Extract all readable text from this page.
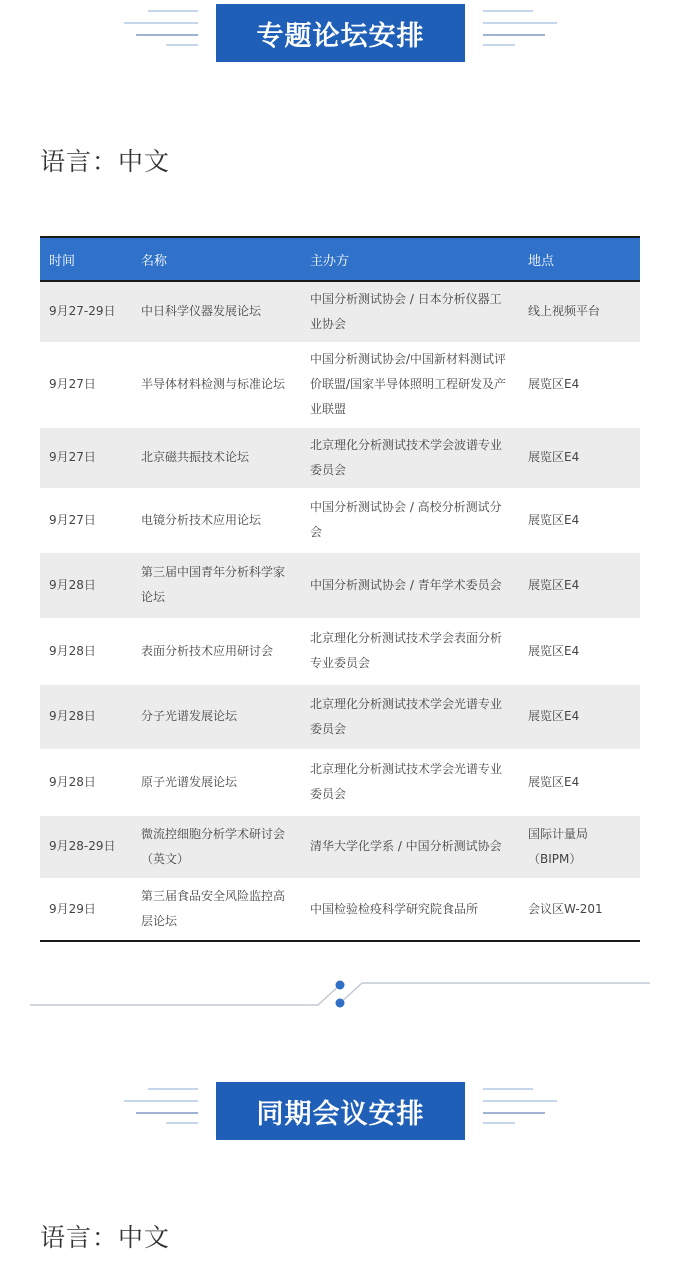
专题论坛安排
语言：中文
时间	名称	主办方	地点
9月27-29日	中日科学仪器发展论坛	中国分析测试协会 / 日本分析仪器工业协会	线上视频平台
9月27日	半导体材料检测与标准论坛	中国分析测试协会/中国新材料测试评价联盟/国家半导体照明工程研发及产业联盟	展览区E4
9月27日	北京磁共振技术论坛	北京理化分析测试技术学会波谱专业委员会	展览区E4
9月27日	电镜分析技术应用论坛	中国分析测试协会 / 高校分析测试分会	展览区E4
9月28日	第三届中国青年分析科学家论坛	中国分析测试协会 / 青年学术委员会	展览区E4
9月28日	表面分析技术应用研讨会	北京理化分析测试技术学会表面分析专业委员会	展览区E4
9月28日	分子光谱发展论坛	北京理化分析测试技术学会光谱专业委员会	展览区E4
9月28日	原子光谱发展论坛	北京理化分析测试技术学会光谱专业委员会	展览区E4
9月28-29日	微流控细胞分析学术研讨会（英文）	清华大学化学系 / 中国分析测试协会	国际计量局（BIPM）
9月29日	第三届食品安全风险监控高层论坛	中国检验检疫科学研究院食品所	会议区W-201
同期会议安排
语言：中文
